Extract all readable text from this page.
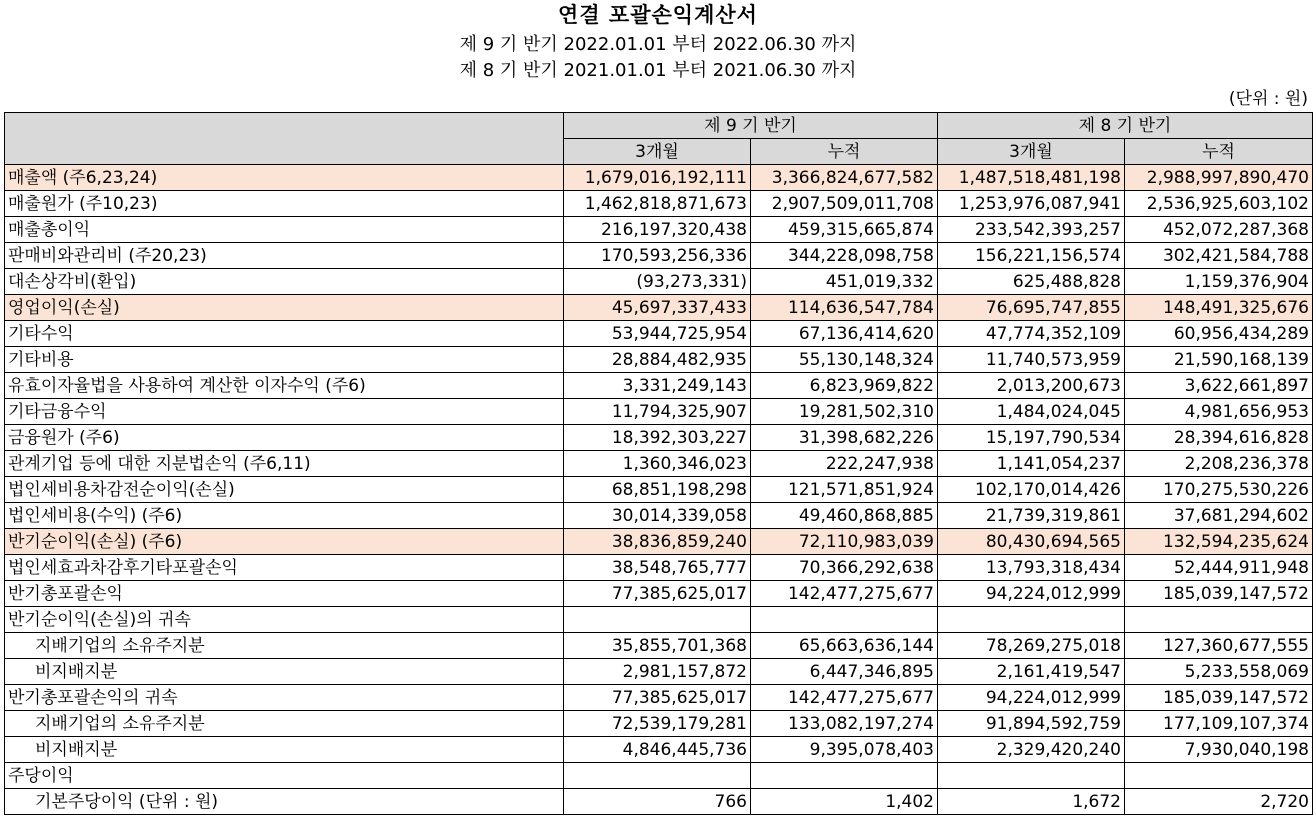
연결 포괄손익계산서
제 9 기 반기 2022.01.01 부터 2022.06.30 까지
제 8 기 반기 2021.01.01 부터 2021.06.30 까지
(단위 : 원)
	제 9 기 반기		제 8 기 반기	
	3개월	누적	3개월	누적
매출액 (주6,23,24)	1,679,016,192,111	3,366,824,677,582	1,487,518,481,198	2,988,997,890,470
매출원가 (주10,23)	1,462,818,871,673	2,907,509,011,708	1,253,976,087,941	2,536,925,603,102
매출총이익	216,197,320,438	459,315,665,874	233,542,393,257	452,072,287,368
판매비와관리비 (주20,23)	170,593,256,336	344,228,098,758	156,221,156,574	302,421,584,788
대손상각비(환입)	(93,273,331)	451,019,332	625,488,828	1,159,376,904
영업이익(손실)	45,697,337,433	114,636,547,784	76,695,747,855	148,491,325,676
기타수익	53,944,725,954	67,136,414,620	47,774,352,109	60,956,434,289
기타비용	28,884,482,935	55,130,148,324	11,740,573,959	21,590,168,139
유효이자율법을 사용하여 계산한 이자수익 (주6)	3,331,249,143	6,823,969,822	2,013,200,673	3,622,661,897
기타금융수익	11,794,325,907	19,281,502,310	1,484,024,045	4,981,656,953
금융원가 (주6)	18,392,303,227	31,398,682,226	15,197,790,534	28,394,616,828
관계기업 등에 대한 지분법손익 (주6,11)	1,360,346,023	222,247,938	1,141,054,237	2,208,236,378
법인세비용차감전순이익(손실)	68,851,198,298	121,571,851,924	102,170,014,426	170,275,530,226
법인세비용(수익) (주6)	30,014,339,058	49,460,868,885	21,739,319,861	37,681,294,602
반기순이익(손실) (주6)	38,836,859,240	72,110,983,039	80,430,694,565	132,594,235,624
법인세효과차감후기타포괄손익	38,548,765,777	70,366,292,638	13,793,318,434	52,444,911,948
반기총포괄손익	77,385,625,017	142,477,275,677	94,224,012,999	185,039,147,572
반기순이익(손실)의 귀속				
지배기업의 소유주지분	35,855,701,368	65,663,636,144	78,269,275,018	127,360,677,555
비지배지분	2,981,157,872	6,447,346,895	2,161,419,547	5,233,558,069
반기총포괄손익의 귀속	77,385,625,017	142,477,275,677	94,224,012,999	185,039,147,572
지배기업의 소유주지분	72,539,179,281	133,082,197,274	91,894,592,759	177,109,107,374
비지배지분	4,846,445,736	9,395,078,403	2,329,420,240	7,930,040,198
주당이익				
기본주당이익 (단위 : 원)	766	1,402	1,672	2,720
